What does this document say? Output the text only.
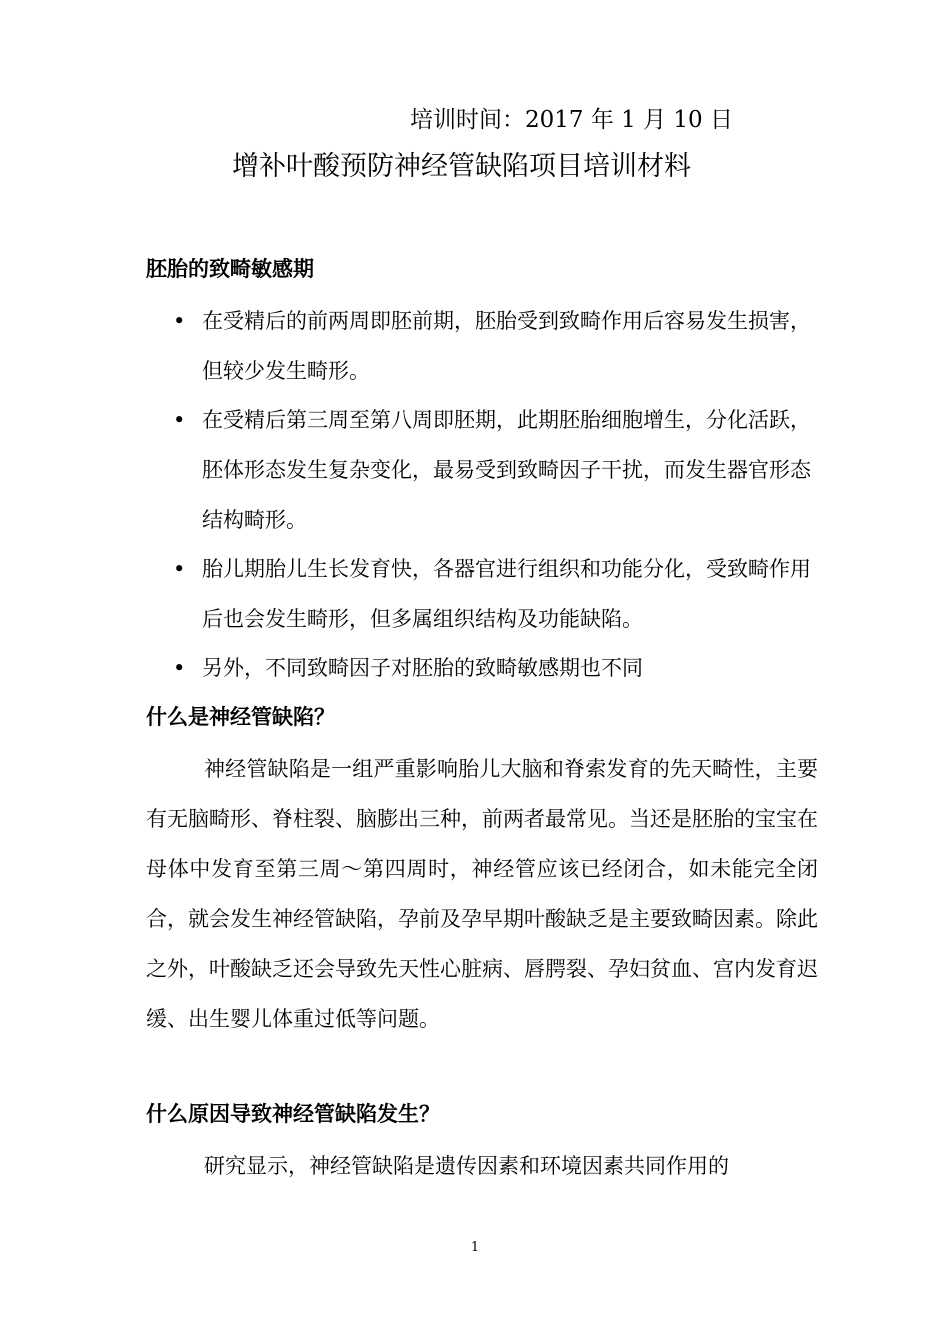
培训时间：2017 年 1 月 10 日
增补叶酸预防神经管缺陷项目培训材料
胚胎的致畸敏感期
• 在受精后的前两周即胚前期，胚胎受到致畸作用后容易发生损害，但较少发生畸形。
• 在受精后第三周至第八周即胚期，此期胚胎细胞增生，分化活跃，胚体形态发生复杂变化，最易受到致畸因子干扰，而发生器官形态结构畸形。
• 胎儿期胎儿生长发育快，各器官进行组织和功能分化，受致畸作用后也会发生畸形，但多属组织结构及功能缺陷。
• 另外，不同致畸因子对胚胎的致畸敏感期也不同
什么是神经管缺陷？

神经管缺陷是一组严重影响胎儿大脑和脊索发育的先天畸性，主要有无脑畸形、脊柱裂、脑膨出三种，前两者最常见。当还是胚胎的宝宝在母体中发育至第三周～第四周时，神经管应该已经闭合，如未能完全闭合，就会发生神经管缺陷，孕前及孕早期叶酸缺乏是主要致畸因素。除此之外，叶酸缺乏还会导致先天性心脏病、唇腭裂、孕妇贫血、宫内发育迟缓、出生婴儿体重过低等问题。

什么原因导致神经管缺陷发生？

研究显示，神经管缺陷是遗传因素和环境因素共同作用的

1
